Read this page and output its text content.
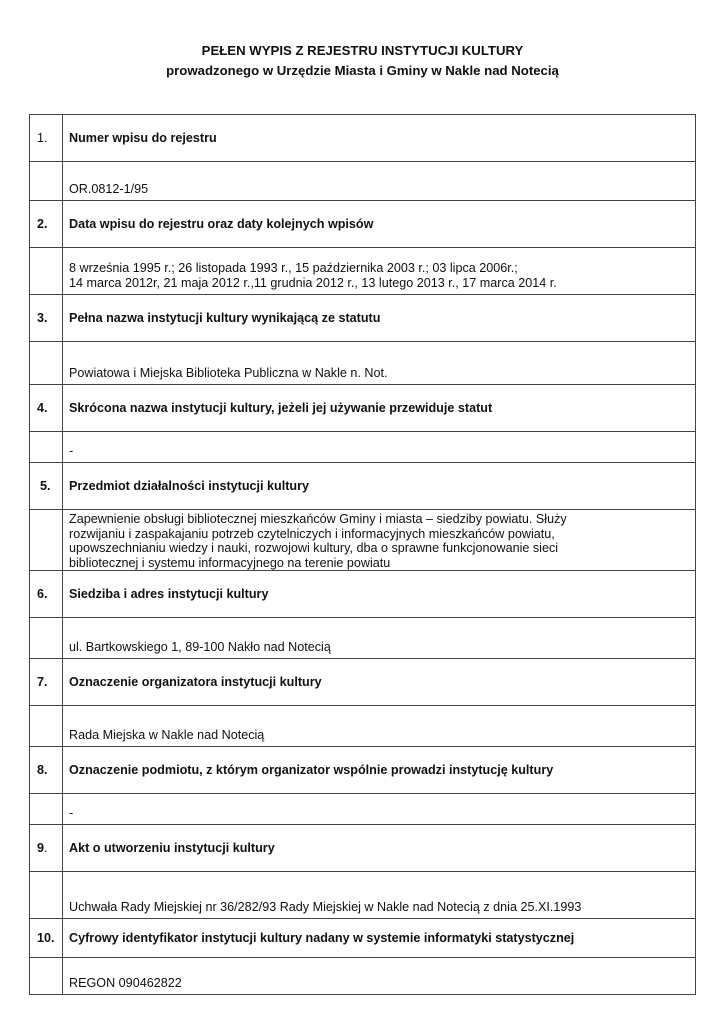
PEŁEN WYPIS Z REJESTRU INSTYTUCJI KULTURY
prowadzonego w Urzędzie Miasta i Gminy w Nakle nad Notecią
1.	Numer wpisu do rejestru
	OR.0812-1/95
2.	Data wpisu do rejestru oraz daty kolejnych wpisów

	8 września 1995 r.; 26 listopada 1993 r., 15 października 2003 r.; 03 lipca 2006r.;
14 marca 2012r, 21 maja 2012 r.,11 grudnia 2012 r., 13 lutego 2013 r., 17 marca 2014 r.

3.	Pełna nazwa instytucji kultury wynikającą ze statutu
	Powiatowa i Miejska Biblioteka Publiczna w Nakle n. Not.
4.	Skrócona nazwa instytucji kultury, jeżeli jej używanie przewiduje statut
	-
5.	Przedmiot działalności instytucji kultury

	Zapewnienie obsługi bibliotecznej mieszkańców Gminy i miasta – siedziby powiatu. Służy
rozwijaniu i zaspakajaniu potrzeb czytelniczych i informacyjnych mieszkańców powiatu,
upowszechnianiu wiedzy i nauki, rozwojowi kultury, dba o sprawne funkcjonowanie sieci
bibliotecznej i systemu informacyjnego na terenie powiatu

6.	Siedziba i adres instytucji kultury
	ul. Bartkowskiego 1, 89-100 Nakło nad Notecią
7.	Oznaczenie organizatora instytucji kultury
	Rada Miejska w Nakle nad Notecią
8.	Oznaczenie podmiotu, z którym organizator wspólnie prowadzi instytucję kultury
	-
9.	Akt o utworzeniu instytucji kultury
	Uchwała Rady Miejskiej nr 36/282/93 Rady Miejskiej w Nakle nad Notecią z dnia 25.XI.1993
10.	Cyfrowy identyfikator instytucji kultury nadany w systemie informatyki statystycznej
	REGON 090462822
